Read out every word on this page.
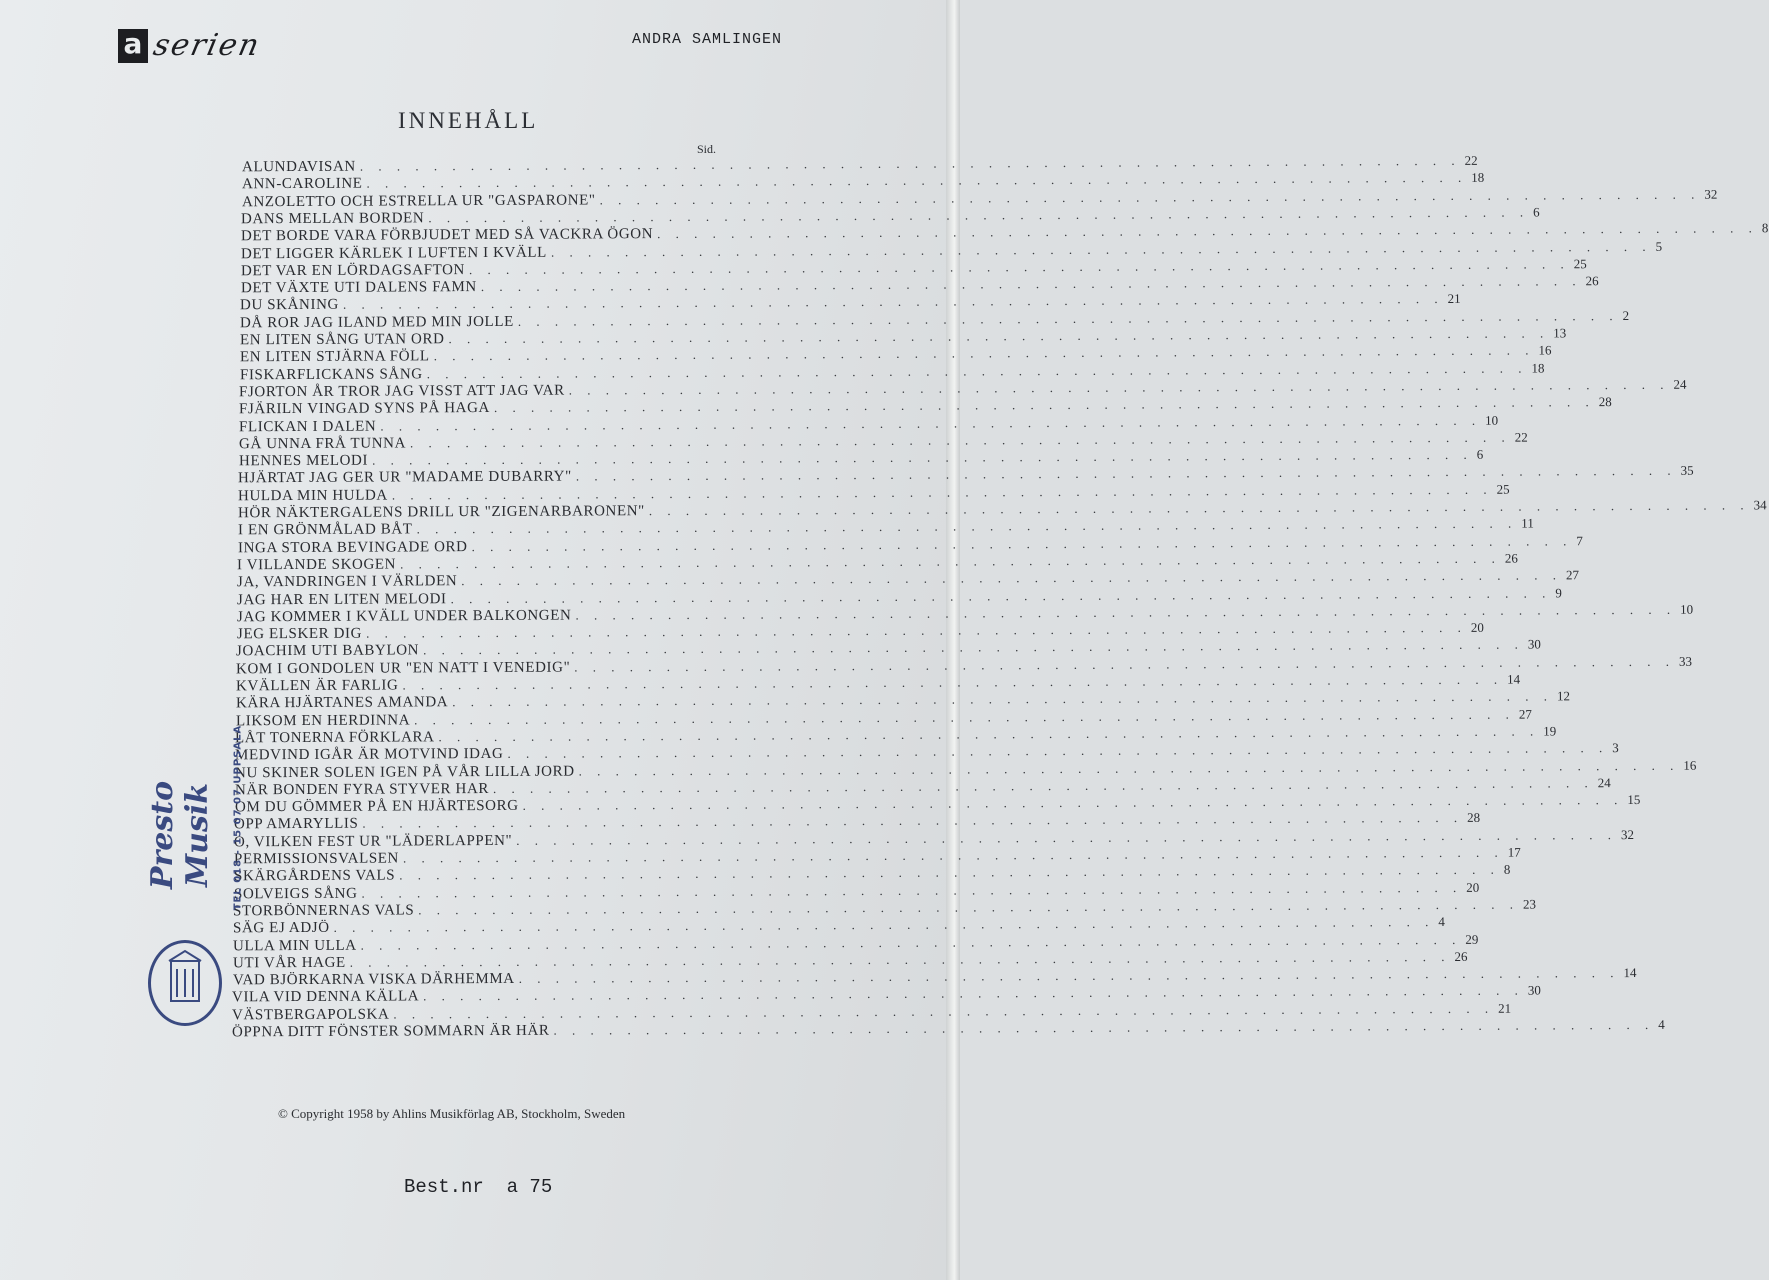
a serien	ANDRA SAMLINGEN
INNEHÅLL
Sid.
ALUNDAVISAN . . . . . . . . . . . . . . . . . . . . . . . . . . . . . . . . . . . . . . . . . . . . . . . . . . . . . . . . . . . . 22
ANN-CAROLINE . . . . . . . . . . . . . . . . . . . . . . . . . . . . . . . . . . . . . . . . . . . . . . . . . . . . . . . . . . . . 18
ANZOLETTO OCH ESTRELLA UR "GASPARONE" . . . . . . . . . . . . . . . . . . . . . . . . . . . . . . . . . . . . . . . . . . . . . . . . . . . . . . . . . . . . 32
DANS MELLAN BORDEN . . . . . . . . . . . . . . . . . . . . . . . . . . . . . . . . . . . . . . . . . . . . . . . . . . . . . . . . . . . . 6
DET BORDE VARA FÖRBJUDET MED SÅ VACKRA ÖGON . . . . . . . . . . . . . . . . . . . . . . . . . . . . . . . . . . . . . . . . . . . . . . . . . . . . . . . . . . . . 8
DET LIGGER KÄRLEK I LUFTEN I KVÄLL . . . . . . . . . . . . . . . . . . . . . . . . . . . . . . . . . . . . . . . . . . . . . . . . . . . . . . . . . . . . 5
DET VAR EN LÖRDAGSAFTON . . . . . . . . . . . . . . . . . . . . . . . . . . . . . . . . . . . . . . . . . . . . . . . . . . . . . . . . . . . . 25
DET VÄXTE UTI DALENS FAMN . . . . . . . . . . . . . . . . . . . . . . . . . . . . . . . . . . . . . . . . . . . . . . . . . . . . . . . . . . . . 26
DU SKÅNING . . . . . . . . . . . . . . . . . . . . . . . . . . . . . . . . . . . . . . . . . . . . . . . . . . . . . . . . . . . . 21
DÅ ROR JAG ILAND MED MIN JOLLE . . . . . . . . . . . . . . . . . . . . . . . . . . . . . . . . . . . . . . . . . . . . . . . . . . . . . . . . . . . . 2
EN LITEN SÅNG UTAN ORD . . . . . . . . . . . . . . . . . . . . . . . . . . . . . . . . . . . . . . . . . . . . . . . . . . . . . . . . . . . . 13
EN LITEN STJÄRNA FÖLL . . . . . . . . . . . . . . . . . . . . . . . . . . . . . . . . . . . . . . . . . . . . . . . . . . . . . . . . . . . . 16
FISKARFLICKANS SÅNG . . . . . . . . . . . . . . . . . . . . . . . . . . . . . . . . . . . . . . . . . . . . . . . . . . . . . . . . . . . . 18
FJORTON ÅR TROR JAG VISST ATT JAG VAR . . . . . . . . . . . . . . . . . . . . . . . . . . . . . . . . . . . . . . . . . . . . . . . . . . . . . . . . . . . . 24
FJÄRILN VINGAD SYNS PÅ HAGA . . . . . . . . . . . . . . . . . . . . . . . . . . . . . . . . . . . . . . . . . . . . . . . . . . . . . . . . . . . . 28
FLICKAN I DALEN . . . . . . . . . . . . . . . . . . . . . . . . . . . . . . . . . . . . . . . . . . . . . . . . . . . . . . . . . . . . 10
GÅ UNNA FRÅ TUNNA . . . . . . . . . . . . . . . . . . . . . . . . . . . . . . . . . . . . . . . . . . . . . . . . . . . . . . . . . . . . 22
HENNES MELODI . . . . . . . . . . . . . . . . . . . . . . . . . . . . . . . . . . . . . . . . . . . . . . . . . . . . . . . . . . . . 6
HJÄRTAT JAG GER UR "MADAME DUBARRY" . . . . . . . . . . . . . . . . . . . . . . . . . . . . . . . . . . . . . . . . . . . . . . . . . . . . . . . . . . . . 35
HULDA MIN HULDA . . . . . . . . . . . . . . . . . . . . . . . . . . . . . . . . . . . . . . . . . . . . . . . . . . . . . . . . . . . . 25
HÖR NÄKTERGALENS DRILL UR "ZIGENARBARONEN" . . . . . . . . . . . . . . . . . . . . . . . . . . . . . . . . . . . . . . . . . . . . . . . . . . . . . . . . . . . . 34
I EN GRÖNMÅLAD BÅT . . . . . . . . . . . . . . . . . . . . . . . . . . . . . . . . . . . . . . . . . . . . . . . . . . . . . . . . . . . . 11
INGA STORA BEVINGADE ORD . . . . . . . . . . . . . . . . . . . . . . . . . . . . . . . . . . . . . . . . . . . . . . . . . . . . . . . . . . . . 7
I VILLANDE SKOGEN . . . . . . . . . . . . . . . . . . . . . . . . . . . . . . . . . . . . . . . . . . . . . . . . . . . . . . . . . . . . 26
JA, VANDRINGEN I VÄRLDEN . . . . . . . . . . . . . . . . . . . . . . . . . . . . . . . . . . . . . . . . . . . . . . . . . . . . . . . . . . . . 27
JAG HAR EN LITEN MELODI . . . . . . . . . . . . . . . . . . . . . . . . . . . . . . . . . . . . . . . . . . . . . . . . . . . . . . . . . . . . 9
JAG KOMMER I KVÄLL UNDER BALKONGEN . . . . . . . . . . . . . . . . . . . . . . . . . . . . . . . . . . . . . . . . . . . . . . . . . . . . . . . . . . . . 10
JEG ELSKER DIG . . . . . . . . . . . . . . . . . . . . . . . . . . . . . . . . . . . . . . . . . . . . . . . . . . . . . . . . . . . . 20
JOACHIM UTI BABYLON . . . . . . . . . . . . . . . . . . . . . . . . . . . . . . . . . . . . . . . . . . . . . . . . . . . . . . . . . . . . 30
KOM I GONDOLEN UR "EN NATT I VENEDIG" . . . . . . . . . . . . . . . . . . . . . . . . . . . . . . . . . . . . . . . . . . . . . . . . . . . . . . . . . . . . 33
KVÄLLEN ÄR FARLIG . . . . . . . . . . . . . . . . . . . . . . . . . . . . . . . . . . . . . . . . . . . . . . . . . . . . . . . . . . . . 14
KÄRA HJÄRTANES AMANDA . . . . . . . . . . . . . . . . . . . . . . . . . . . . . . . . . . . . . . . . . . . . . . . . . . . . . . . . . . . . 12
LIKSOM EN HERDINNA . . . . . . . . . . . . . . . . . . . . . . . . . . . . . . . . . . . . . . . . . . . . . . . . . . . . . . . . . . . . 27
LÅT TONERNA FÖRKLARA . . . . . . . . . . . . . . . . . . . . . . . . . . . . . . . . . . . . . . . . . . . . . . . . . . . . . . . . . . . . 19
MEDVIND IGÅR ÄR MOTVIND IDAG . . . . . . . . . . . . . . . . . . . . . . . . . . . . . . . . . . . . . . . . . . . . . . . . . . . . . . . . . . . . 3
NU SKINER SOLEN IGEN PÅ VÅR LILLA JORD . . . . . . . . . . . . . . . . . . . . . . . . . . . . . . . . . . . . . . . . . . . . . . . . . . . . . . . . . . . . 16
NÄR BONDEN FYRA STYVER HAR . . . . . . . . . . . . . . . . . . . . . . . . . . . . . . . . . . . . . . . . . . . . . . . . . . . . . . . . . . . . 24
OM DU GÖMMER PÅ EN HJÄRTESORG . . . . . . . . . . . . . . . . . . . . . . . . . . . . . . . . . . . . . . . . . . . . . . . . . . . . . . . . . . . . 15
OPP AMARYLLIS . . . . . . . . . . . . . . . . . . . . . . . . . . . . . . . . . . . . . . . . . . . . . . . . . . . . . . . . . . . . 28
O, VILKEN FEST UR "LÄDERLAPPEN" . . . . . . . . . . . . . . . . . . . . . . . . . . . . . . . . . . . . . . . . . . . . . . . . . . . . . . . . . . . . 32
PERMISSIONSVALSEN . . . . . . . . . . . . . . . . . . . . . . . . . . . . . . . . . . . . . . . . . . . . . . . . . . . . . . . . . . . . 17
SKÄRGÅRDENS VALS . . . . . . . . . . . . . . . . . . . . . . . . . . . . . . . . . . . . . . . . . . . . . . . . . . . . . . . . . . . . 8
SOLVEIGS SÅNG . . . . . . . . . . . . . . . . . . . . . . . . . . . . . . . . . . . . . . . . . . . . . . . . . . . . . . . . . . . . 20
STORBÖNNERNAS VALS . . . . . . . . . . . . . . . . . . . . . . . . . . . . . . . . . . . . . . . . . . . . . . . . . . . . . . . . . . . . 23
SÄG EJ ADJÖ . . . . . . . . . . . . . . . . . . . . . . . . . . . . . . . . . . . . . . . . . . . . . . . . . . . . . . . . . . . . 4
ULLA MIN ULLA . . . . . . . . . . . . . . . . . . . . . . . . . . . . . . . . . . . . . . . . . . . . . . . . . . . . . . . . . . . . 29
UTI VÅR HAGE . . . . . . . . . . . . . . . . . . . . . . . . . . . . . . . . . . . . . . . . . . . . . . . . . . . . . . . . . . . . 26
VAD BJÖRKARNA VISKA DÄRHEMMA . . . . . . . . . . . . . . . . . . . . . . . . . . . . . . . . . . . . . . . . . . . . . . . . . . . . . . . . . . . . 14
VILA VID DENNA KÄLLA . . . . . . . . . . . . . . . . . . . . . . . . . . . . . . . . . . . . . . . . . . . . . . . . . . . . . . . . . . . . 30
VÄSTBERGAPOLSKA . . . . . . . . . . . . . . . . . . . . . . . . . . . . . . . . . . . . . . . . . . . . . . . . . . . . . . . . . . . . 21
ÖPPNA DITT FÖNSTER SOMMARN ÄR HÄR . . . . . . . . . . . . . . . . . . . . . . . . . . . . . . . . . . . . . . . . . . . . . . . . . . . . . . . . . . . . 4
Presto Musik TEL 018 - 15 07 07 UPPSALA
© Copyright 1958 by Ahlins Musikförlag AB, Stockholm, Sweden
Best.nr  a 75
